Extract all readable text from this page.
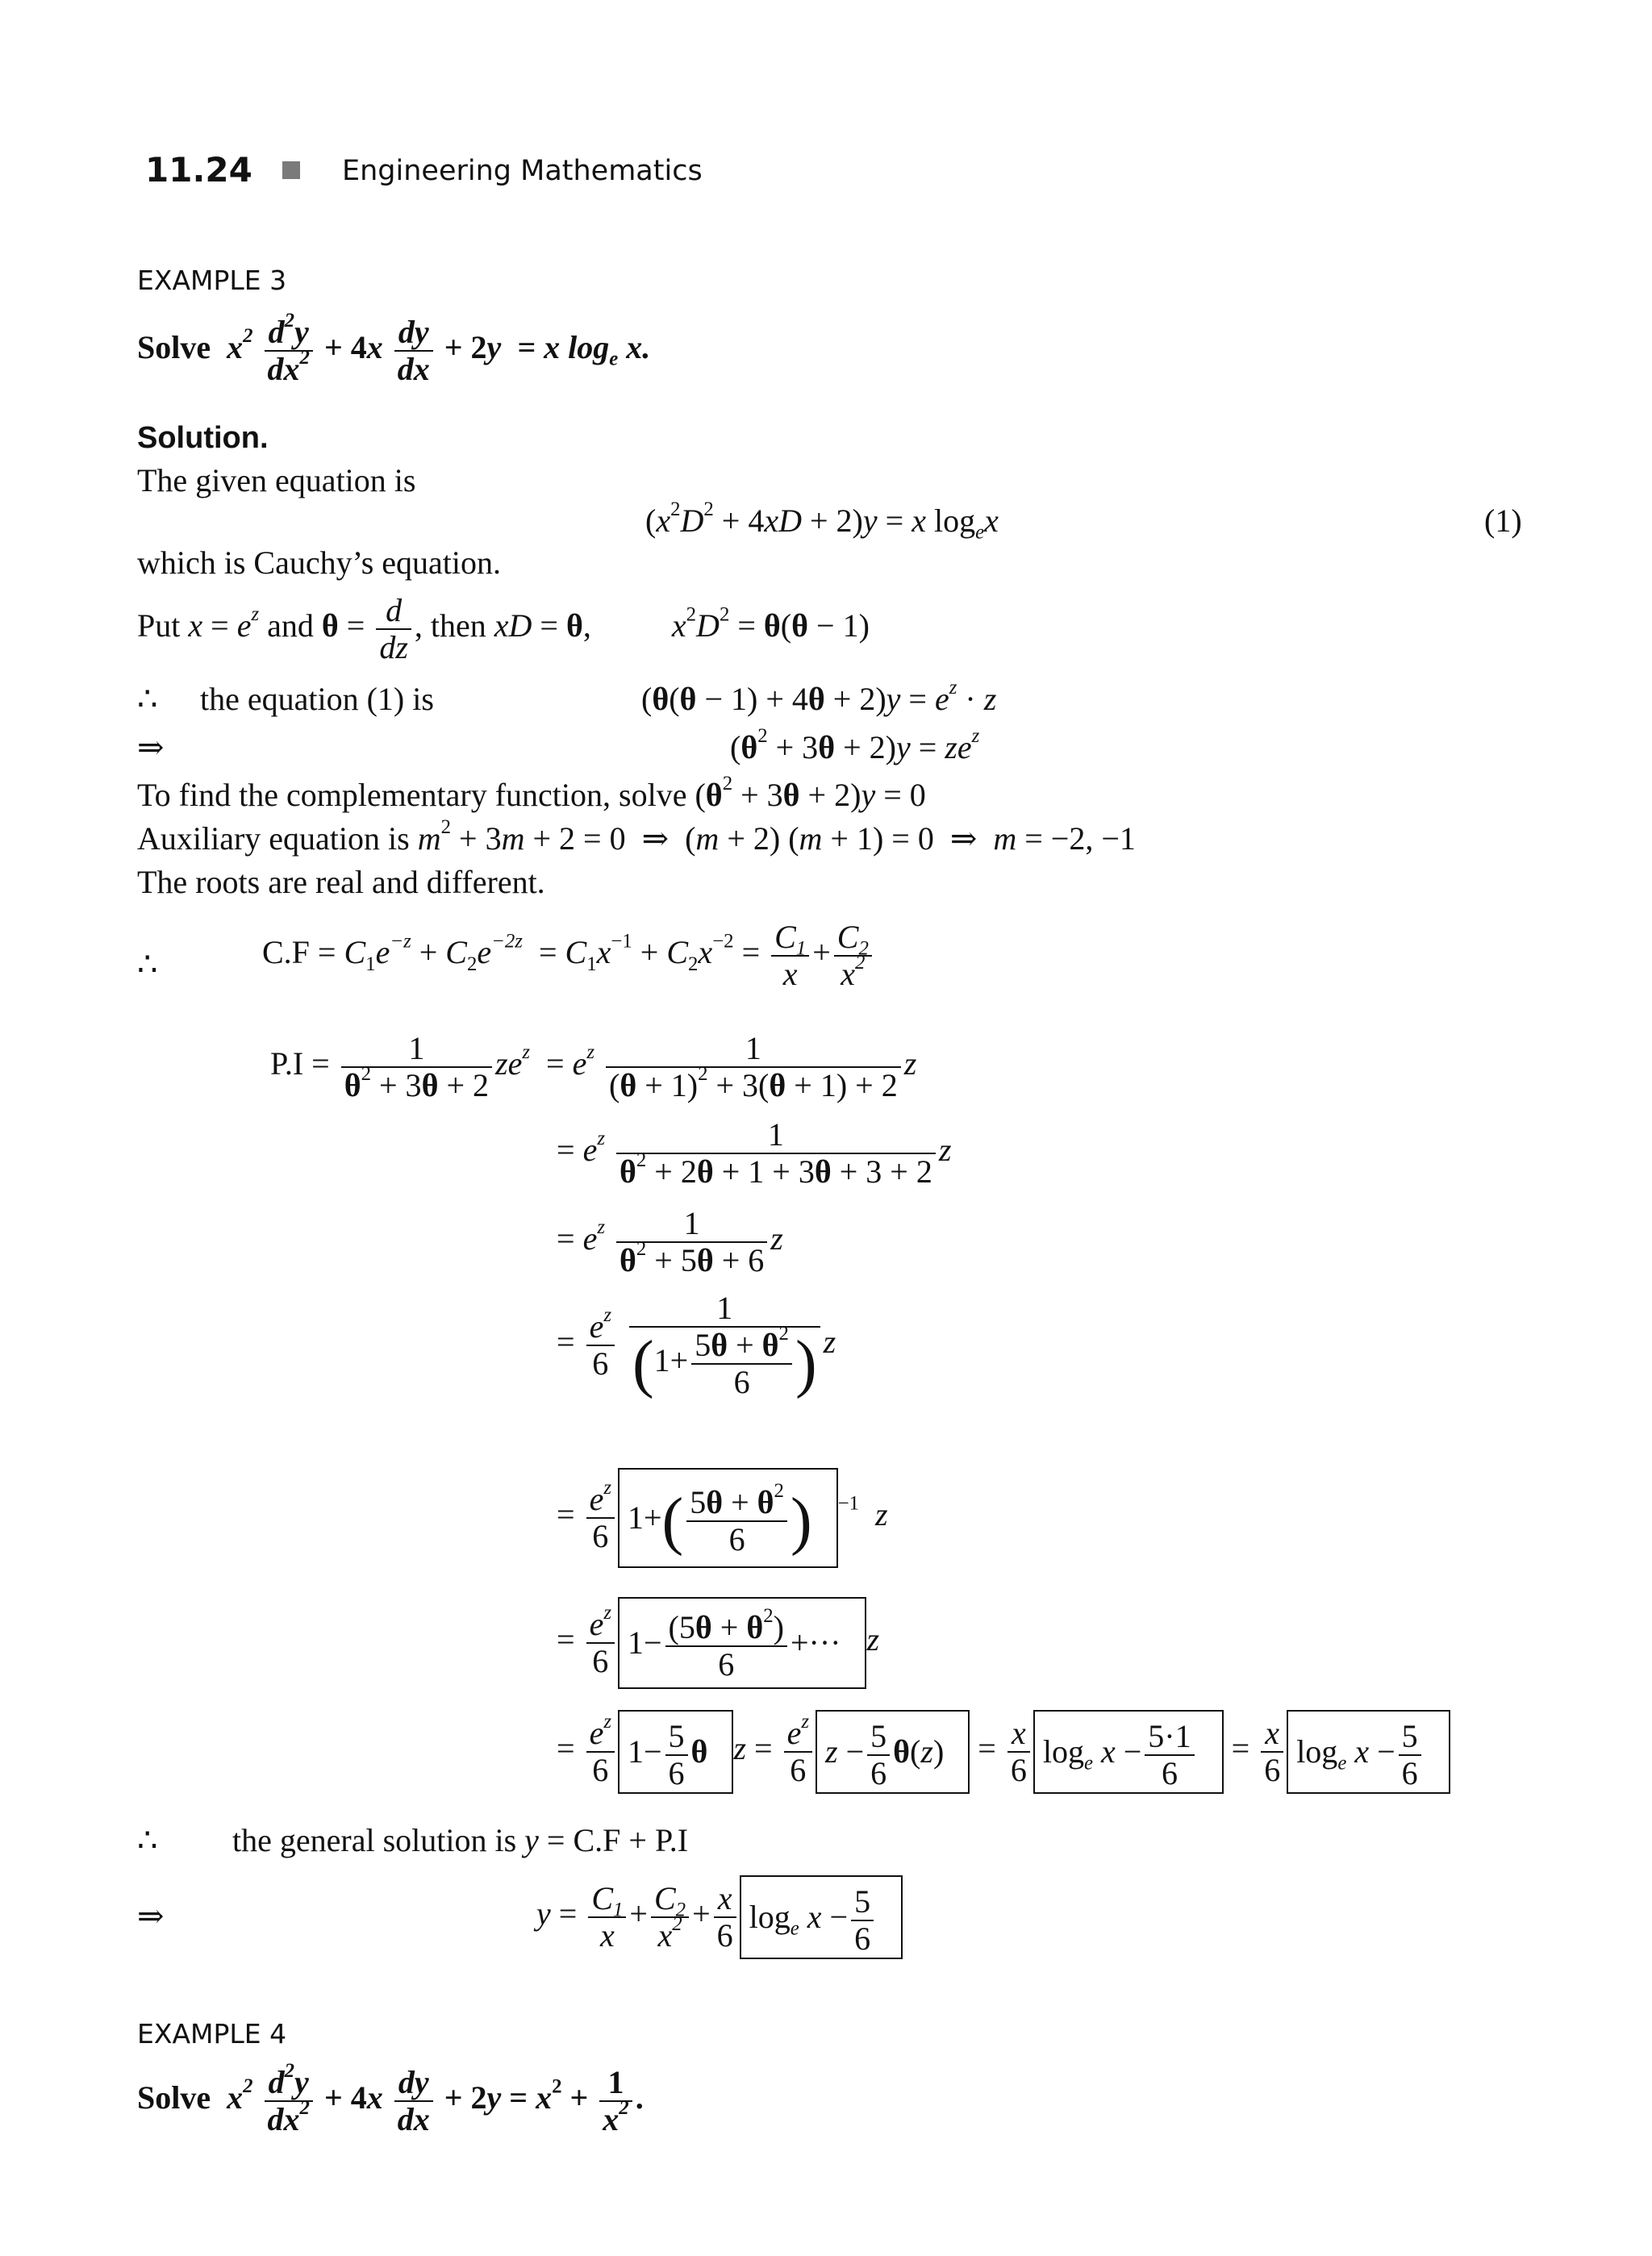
11.24	Engineering Mathematics
EXAMPLE 3
Solve  $x^2 \frac{d^2y}{dx^2} + 4x \frac{dy}{dx} + 2y = x$ $\log_e x$.
Solution.
The given equation is
$(x^2D^2 + 4xD + 2)y = x$ $\log_ex$	(1)
which is Cauchy’s equation.
Put $x = e^z$ and $\theta = \frac{d}{dz}$ , then xD = θ,  $x^2D^2 = \theta(\theta - 1)$
∴ the equation (1) is	$(\theta(\theta - 1) + 4\theta + 2)y = e^z \cdot z$
⇒	$(\theta^2 + 3\theta + 2)y = ze^z$
To find the complementary function, solve $(\theta^2 + 3\theta + 2)y = 0$
Auxiliary equation is $m^2 + 3m + 2 = 0$  ⇒  (m + 2) (m + 1) = 0  ⇒  m = −2, −1
The roots are real and different.
∴	$C.F = C_1e^{-z} + C_2e^{-2z} = C_1x^{-1} + C_2x^{-2} = \frac{C_1}{x} + \frac{C_2}{x^2}$
$P.I = \frac{1}{\theta^2 + 3\theta + 2} ze^z = e^z \frac{1}{(\theta + 1)^2 + 3(\theta + 1) + 2}$ z
= $e^z \frac{1}{\theta^2 + 2\theta + 1 + 3\theta + 3 + 2}$ z
= $e^z \frac{1}{\theta^2 + 5\theta + 6}$ z
= $\frac{e^z}{6}$
$\frac{1}{(1+ \frac{5\theta + \theta^2}{6} )}$ z
= $\frac{e^z}{6} 1+( \frac{5\theta + \theta^2}{6}$ ) $^{-1}$ z
= $\frac{e^z}{6} 1- \frac{(5\theta + \theta^2)}{6}$ +··· z
= $\frac{e^z}{6} 1- \frac{5}{6}$ θ $z = \frac{e^z}{6}$ $z - \frac{5}{6} \theta(z) = \frac{x}{6} \log_e x - \frac{5\cdot 1}{6} = \frac{x}{6} \log_e x - \frac{5}{6}$
∴ the general solution is y = C.F + P.I
⇒	$y = \frac{C_1}{x} + \frac{C_2}{x^2} + \frac{x}{6} \log_e x - \frac{5}{6}$
EXAMPLE 4
Solve  $x^2 \frac{d^2y}{dx^2} + 4x \frac{dy}{dx} + 2y = x^2 + \frac{1}{x^2}$ .
